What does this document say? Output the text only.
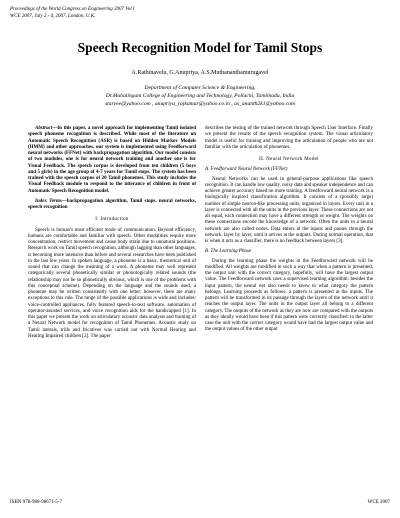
Proceedings of the World Congress on Engineering 2007 Vol I
WCE 2007, July 2 - 4, 2007, London, U.K.
Speech Recognition Model for Tamil Stops
A.Rathinavelu, G.Anupriya, A.S.Muthananthamurugavel
Department of Computer Science & Engineering,
Dr.Mahalingam College of Engineering and Technology, Pollachi, Tamilnadu, India
starvee@yahoo.com , anupriya_rajkumar@yahoo.co.in , as_ananth2k1@yahoo.com

Abstract—In this paper, a novel approach for implementing Tamil isolated speech phoneme recognition is described. While most of the literature on Automatic Speech Recognition (ASR) is based on Hidden Markov Models (HMM) and other approaches, our system is implemented using Feedforward neural networks (FFNet) with backpropagation algorithm. Our model consists of two modules, one is for neural network training and another one is for Visual Feedback. The speech corpus is developed from ten children (5 boys and 5 girls) in the age group of 4-7 years for Tamil stops. The system has been trained with the speech corpus of 20 Tamil phonemes. This study includes the Visual Feedback module to respond to the utterance of children in front of Automatic Speech Recognition model.

Index Terms—backpropagation algorithm, Tamil stops, neural networks, speech recognition

I. Introduction

Speech is human's most efficient mode of communication. Beyond efficiency, humans are comfortable and familiar with speech. Other modalities require more concentration, restrict movement and cause body strain due to unnatural positions. Research work on Tamil speech recognition, although lagging than other languages, is becoming more intensive than before and several researches have been published in the last few years. In spoken language, a phoneme is a basic, theoretical unit of sound that can change the meaning of a word. A phoneme may well represent categorically several phonetically similar or phonologically related sounds (the relationship may not be so phonetically obvious, which is one of the problems with this conceptual scheme). Depending on the language and the sounds used, a phoneme may be written consistently with one letter; however, there are many exceptions to this rule. The range of the possible applications is wide and includes: voice-controlled appliances, fully featured speech-to-text software, automation of operator-assisted services, and voice recognition aids for the handicapped [1]. In this paper we present the work on articulatory acoustic data analysis and training of a Neural Network model for recognition of Tamil Phonemes. Acoustic study on Tamil laterals, trills and fricatives was carried out with Normal Hearing and Hearing Impaired children [2]. The paper

describes the testing of the trained network through Speech User Interface. Finally we present the results of the speech recognition system. The visual articulatory model is useful for training and improving the articulation of people who are not familiar with the articulation of phonemes.

II. Neural Network Model
A. Feedforward Neural Network (FFNet)

Neural Networks can be used in general-purpose applications like speech recognition. It can handle low quality, noisy data and speaker independence and can achieve greater accuracy based on more training. A feedforward neural network is a biologically inspired classification algorithm. It consists of a (possibly large) number of simple neuron-like processing units, organized in layers. Every unit in a layer is connected with all the units in the previous layer. These connections are not all equal, each connection may have a different strength or weight. The weights on these connections encode the knowledge of a network. Often the units in a neural network are also called nodes. Data enters at the inputs and passes through the network, layer by layer, until it arrives at the outputs. During normal operation, that is when it acts as a classifier, there is no feedback between layers [3].

B. The Learning Phase

During the learning phase the weights in the Feedforward network will be modified. All weights are modified in such a way that when a pattern is presented, the output unit with the correct category, hopefully, will have the largest output value. The Feedforward network uses a supervised learning algorithm: besides the input pattern, the neural net also needs to know to what category the pattern belongs. Learning proceeds as follows: a pattern is presented at the inputs. The pattern will be transformed in its passage through the layers of the network until it reaches the output layer. The units in the output layer all belong to a different category. The outputs of the network as they are now are compared with the outputs as they ideally would have been if this pattern were correctly classified: in the latter case the unit with the correct category would have had the largest output value and the output values of the other output

ISBN:978-988-98671-5-7	WCE 2007
